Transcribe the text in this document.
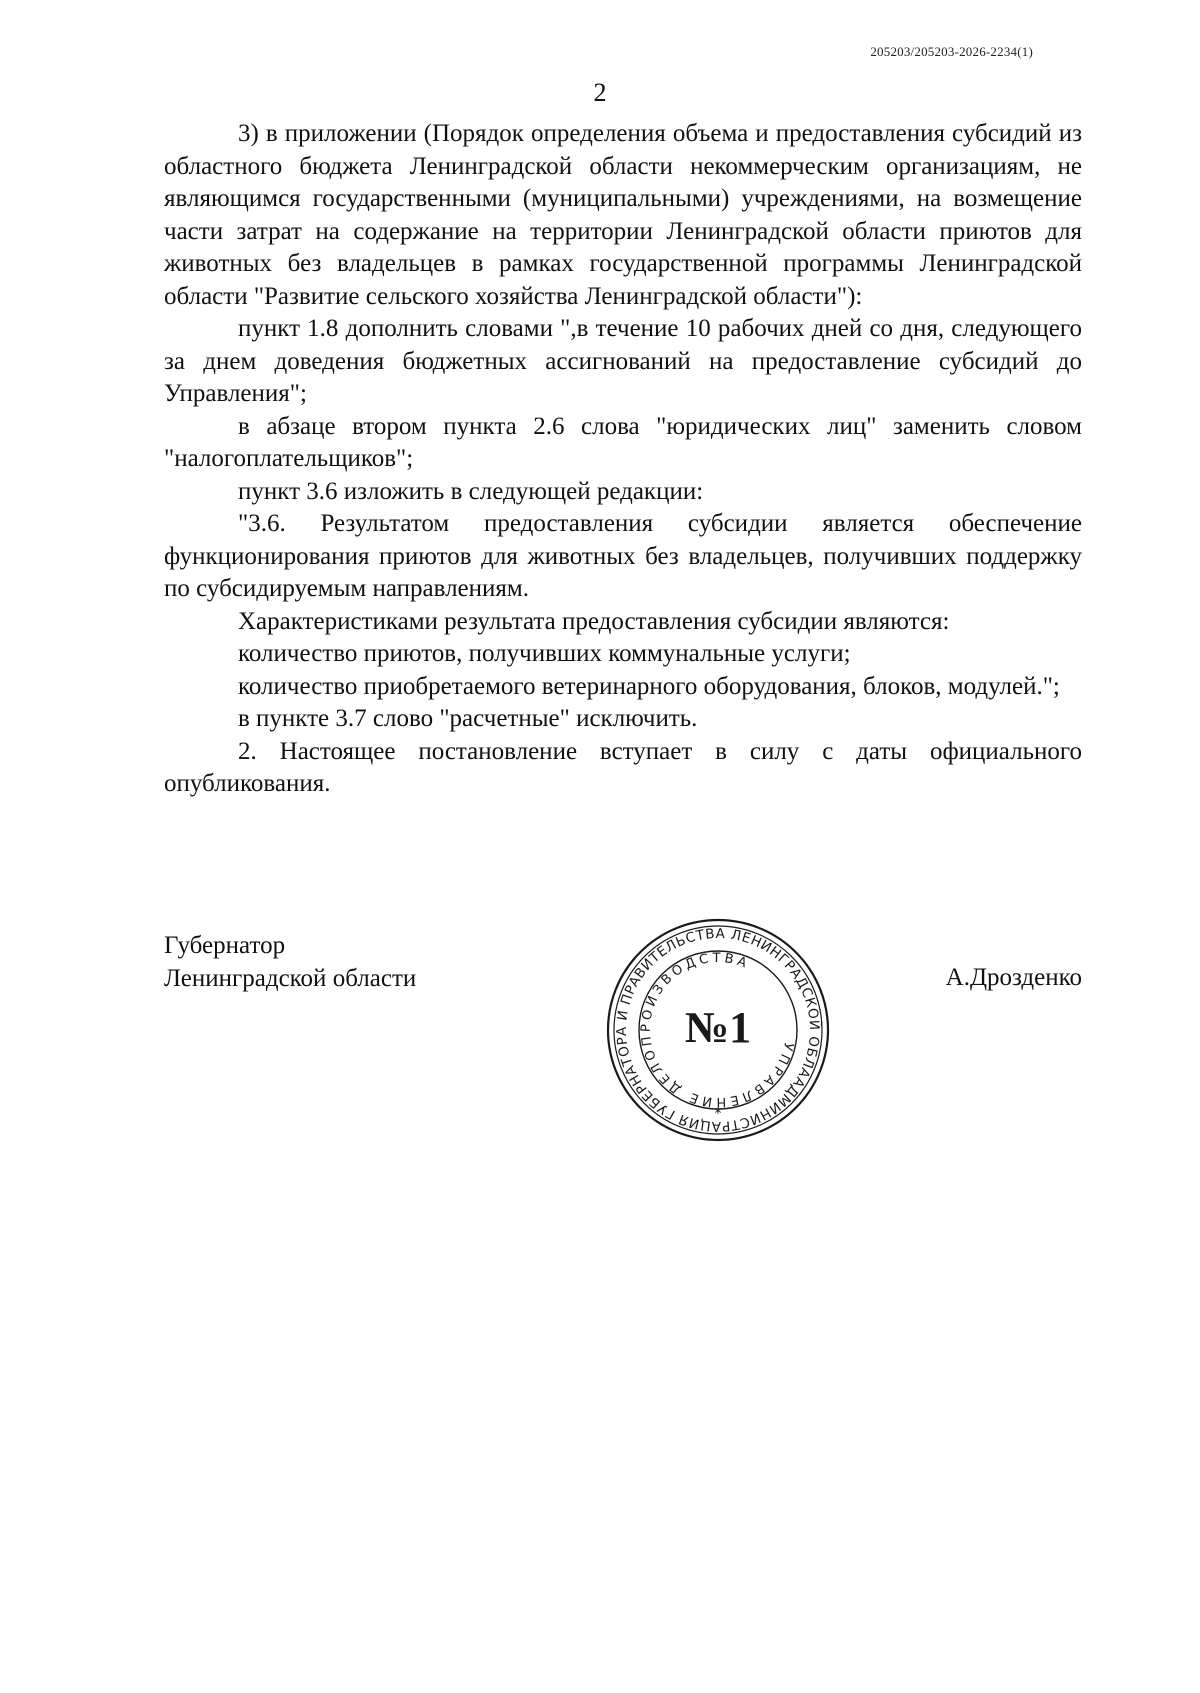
205203/205203-2026-2234(1)
2

3) в приложении (Порядок определения объема и предоставления субсидий из областного бюджета Ленинградской области некоммерческим организациям, не являющимся государственными (муниципальными) учреждениями, на возмещение части затрат на содержание на территории Ленинградской области приютов для животных без владельцев в рамках государственной программы Ленинградской области "Развитие сельского хозяйства Ленинградской области"):

пункт 1.8 дополнить словами ",в течение 10 рабочих дней со дня, следующего за днем доведения бюджетных ассигнований на предоставление субсидий до Управления";

в абзаце втором пункта 2.6 слова "юридических лиц" заменить словом "налогоплательщиков";

пункт 3.6 изложить в следующей редакции:

"3.6. Результатом предоставления субсидии является обеспечение функционирования приютов для животных без владельцев, получивших поддержку по субсидируемым направлениям.

Характеристиками результата предоставления субсидии являются:

количество приютов, получивших коммунальные услуги;

количество приобретаемого ветеринарного оборудования, блоков, модулей.";

в пункте 3.7 слово "расчетные" исключить.

2. Настоящее постановление вступает в силу с даты официального опубликования.

Губернатор
Ленинградской области
АДМИНИСТРАЦИЯ ГУБЕРНАТОРА И ПРАВИТЕЛЬСТВА ЛЕНИНГРАДСКОЙ ОБЛАСТИ
УПРАВЛЕНИЕ ДЕЛОПРОИЗВОДСТВА
№1
*
А.Дрозденко
